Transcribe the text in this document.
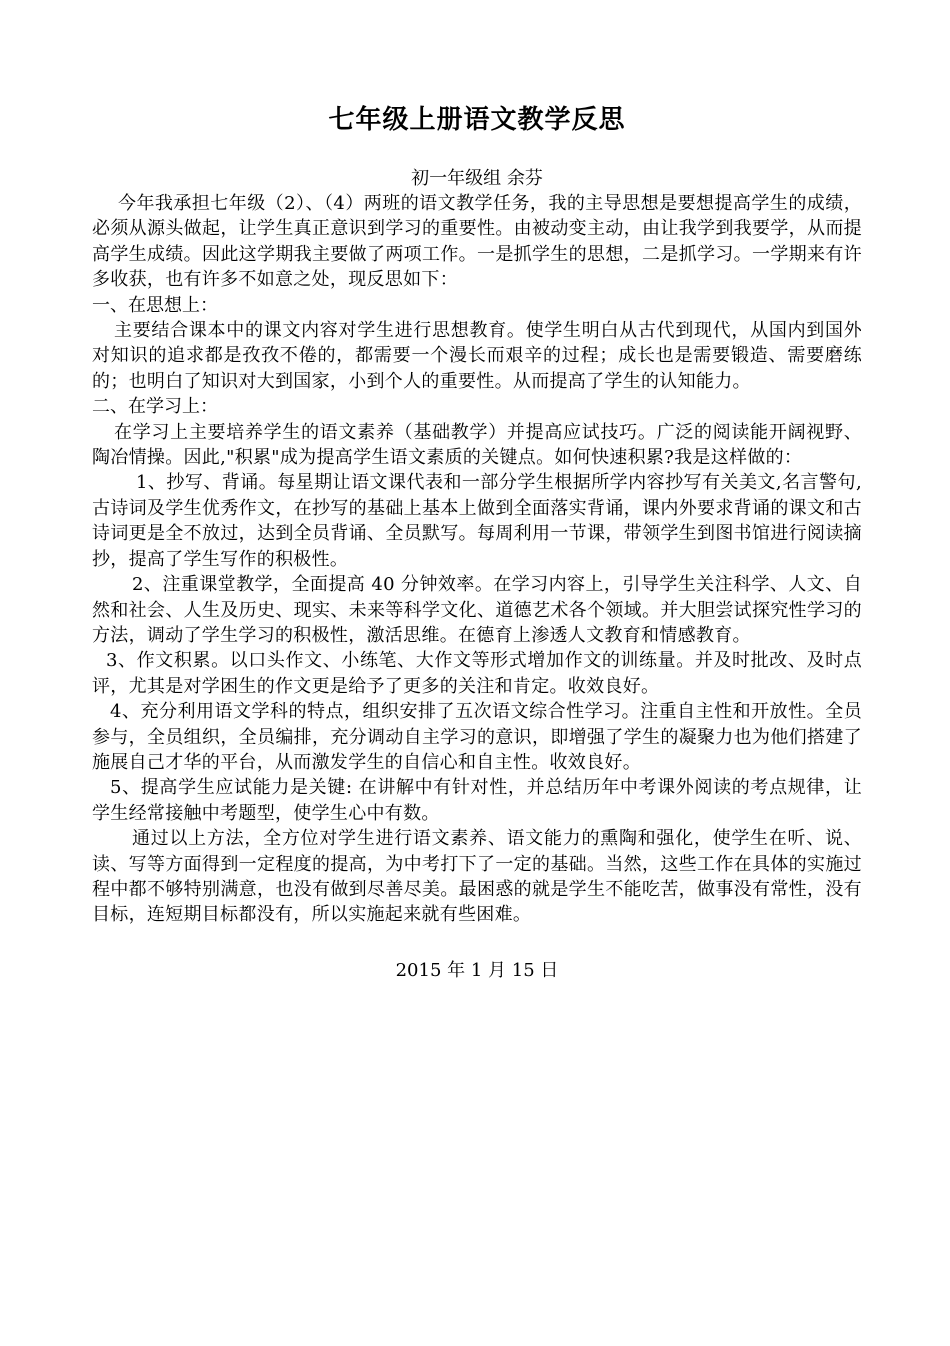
七年级上册语文教学反思

初一年级组 余芬

今年我承担七年级（2）、（4）两班的语文教学任务，我的主导思想是要想提高学生的成绩，必须从源头做起，让学生真正意识到学习的重要性。由被动变主动，由让我学到我要学，从而提高学生成绩。因此这学期我主要做了两项工作。一是抓学生的思想，二是抓学习。一学期来有许多收获，也有许多不如意之处，现反思如下：

一、在思想上：

主要结合课本中的课文内容对学生进行思想教育。使学生明白从古代到现代，从国内到国外对知识的追求都是孜孜不倦的，都需要一个漫长而艰辛的过程；成长也是需要锻造、需要磨练的；也明白了知识对大到国家，小到个人的重要性。从而提高了学生的认知能力。

二、在学习上：

在学习上主要培养学生的语文素养（基础教学）并提高应试技巧。广泛的阅读能开阔视野、陶冶情操。因此,"积累"成为提高学生语文素质的关键点。如何快速积累?我是这样做的：

1、抄写、背诵。每星期让语文课代表和一部分学生根据所学内容抄写有关美文,名言警句,古诗词及学生优秀作文，在抄写的基础上基本上做到全面落实背诵，课内外要求背诵的课文和古诗词更是全不放过，达到全员背诵、全员默写。每周利用一节课，带领学生到图书馆进行阅读摘抄，提高了学生写作的积极性。

2、注重课堂教学，全面提高 40 分钟效率。在学习内容上，引导学生关注科学、人文、自然和社会、人生及历史、现实、未来等科学文化、道德艺术各个领域。并大胆尝试探究性学习的方法，调动了学生学习的积极性，激活思维。在德育上渗透人文教育和情感教育。

3、作文积累。以口头作文、小练笔、大作文等形式增加作文的训练量。并及时批改、及时点评，尤其是对学困生的作文更是给予了更多的关注和肯定。收效良好。

4、充分利用语文学科的特点，组织安排了五次语文综合性学习。注重自主性和开放性。全员参与，全员组织，全员编排，充分调动自主学习的意识，即增强了学生的凝聚力也为他们搭建了施展自己才华的平台，从而激发学生的自信心和自主性。收效良好。

5、提高学生应试能力是关键: 在讲解中有针对性，并总结历年中考课外阅读的考点规律，让学生经常接触中考题型，使学生心中有数。

通过以上方法，全方位对学生进行语文素养、语文能力的熏陶和强化，使学生在听、说、读、写等方面得到一定程度的提高，为中考打下了一定的基础。当然，这些工作在具体的实施过程中都不够特别满意，也没有做到尽善尽美。最困惑的就是学生不能吃苦，做事没有常性，没有目标，连短期目标都没有，所以实施起来就有些困难。

2015 年 1 月 15 日
